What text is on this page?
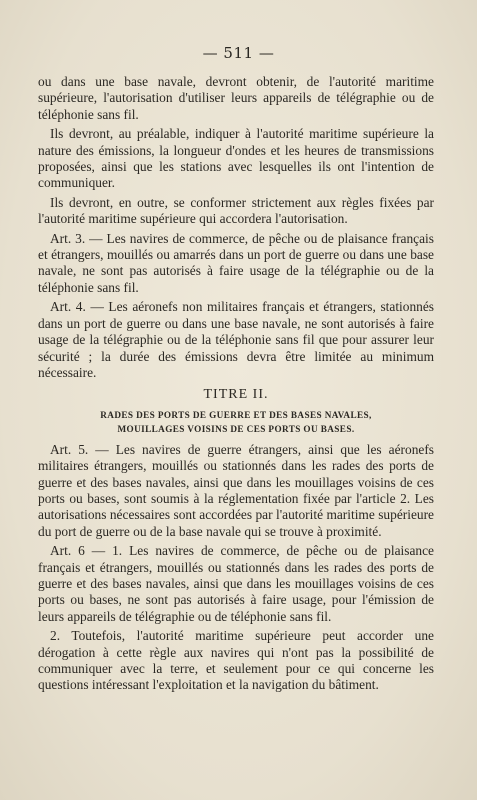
— 511 —

ou dans une base navale, devront obtenir, de l'autorité maritime supérieure, l'autorisation d'utiliser leurs appareils de télégraphie ou de téléphonie sans fil.

Ils devront, au préalable, indiquer à l'autorité maritime supérieure la nature des émissions, la longueur d'ondes et les heures de transmissions proposées, ainsi que les stations avec lesquelles ils ont l'intention de communiquer.

Ils devront, en outre, se conformer strictement aux règles fixées par l'autorité maritime supérieure qui accordera l'autorisation.

Art. 3. — Les navires de commerce, de pêche ou de plaisance français et étrangers, mouillés ou amarrés dans un port de guerre ou dans une base navale, ne sont pas autorisés à faire usage de la télégraphie ou de la téléphonie sans fil.

Art. 4. — Les aéronefs non militaires français et étrangers, stationnés dans un port de guerre ou dans une base navale, ne sont autorisés à faire usage de la télégraphie ou de la téléphonie sans fil que pour assurer leur sécurité ; la durée des émissions devra être limitée au minimum nécessaire.

TITRE II.
RADES DES PORTS DE GUERRE ET DES BASES NAVALES,
MOUILLAGES VOISINS DE CES PORTS OU BASES.

Art. 5. — Les navires de guerre étrangers, ainsi que les aéronefs militaires étrangers, mouillés ou stationnés dans les rades des ports de guerre et des bases navales, ainsi que dans les mouillages voisins de ces ports ou bases, sont soumis à la réglementation fixée par l'article 2. Les autorisations nécessaires sont accordées par l'autorité maritime supérieure du port de guerre ou de la base navale qui se trouve à proximité.

Art. 6 — 1. Les navires de commerce, de pêche ou de plaisance français et étrangers, mouillés ou stationnés dans les rades des ports de guerre et des bases navales, ainsi que dans les mouillages voisins de ces ports ou bases, ne sont pas autorisés à faire usage, pour l'émission de leurs appareils de télégraphie ou de téléphonie sans fil.

2. Toutefois, l'autorité maritime supérieure peut accorder une dérogation à cette règle aux navires qui n'ont pas la possibilité de communiquer avec la terre, et seulement pour ce qui concerne les questions intéressant l'exploitation et la navigation du bâtiment.
